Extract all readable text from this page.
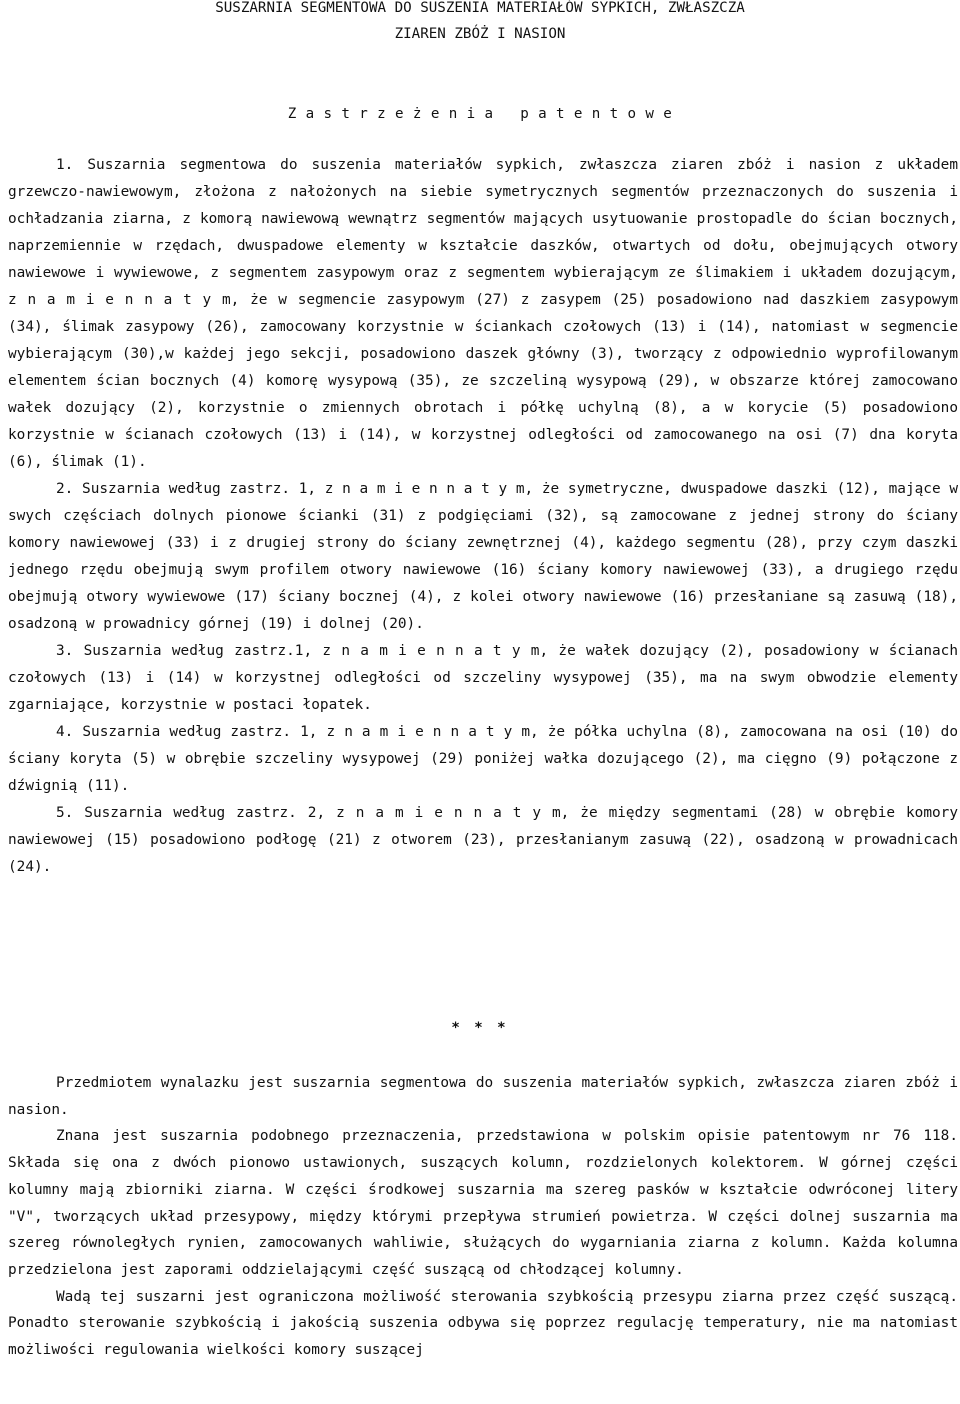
SUSZARNIA SEGMENTOWA DO SUSZENIA MATERIAŁÓW SYPKICH, ZWŁASZCZA
ZIAREN ZBÓŻ I NASION
Z a s t r z e ż e n i a   p a t e n t o w e

1. Suszarnia segmentowa do suszenia materiałów sypkich, zwłaszcza ziaren zbóż i nasion z układem grzewczo-nawiewowym, złożona z nałożonych na siebie symetrycznych segmentów przeznaczonych do suszenia i ochładzania ziarna, z komorą nawiewową wewnątrz segmentów mających usytuowanie prostopadle do ścian bocznych, naprzemiennie w rzędach, dwuspadowe elementy w kształcie daszków, otwartych od dołu, obejmujących otwory nawiewowe i wywiewowe, z segmentem zasypowym oraz z segmentem wybierającym ze ślimakiem i układem dozującym, z n a m i e n n a t y m, że w segmencie zasypowym (27) z zasypem (25) posadowiono nad daszkiem zasypowym (34), ślimak zasypowy (26), zamocowany korzystnie w ściankach czołowych (13) i (14), natomiast w segmencie wybierającym (30),w każdej jego sekcji, posadowiono daszek główny (3), tworzący z odpowiednio wyprofilowanym elementem ścian bocznych (4) komorę wysypową (35), ze szczeliną wysypową (29), w obszarze której zamocowano wałek dozujący (2), korzystnie o zmiennych obrotach i półkę uchylną (8), a w korycie (5) posadowiono korzystnie w ścianach czołowych (13) i (14), w korzystnej odległości od zamocowanego na osi (7) dna koryta (6), ślimak (1).

2. Suszarnia według zastrz. 1, z n a m i e n n a t y m, że symetryczne, dwuspadowe daszki (12), mające w swych częściach dolnych pionowe ścianki (31) z podgięciami (32), są zamocowane z jednej strony do ściany komory nawiewowej (33) i z drugiej strony do ściany zewnętrznej (4), każdego segmentu (28), przy czym daszki jednego rzędu obejmują swym profilem otwory nawiewowe (16) ściany komory nawiewowej (33), a drugiego rzędu obejmują otwory wywiewowe (17) ściany bocznej (4), z kolei otwory nawiewowe (16) przesłaniane są zasuwą (18), osadzoną w prowadnicy górnej (19) i dolnej (20).

3. Suszarnia według zastrz.1, z n a m i e n n a t y m, że wałek dozujący (2), posadowiony w ścianach czołowych (13) i (14) w korzystnej odległości od szczeliny wysypowej (35), ma na swym obwodzie elementy zgarniające, korzystnie w postaci łopatek.

4. Suszarnia według zastrz. 1, z n a m i e n n a t y m, że półka uchylna (8), zamocowana na osi (10) do ściany koryta (5) w obrębie szczeliny wysypowej (29) poniżej wałka dozującego (2), ma cięgno (9) połączone z dźwignią (11).

5. Suszarnia według zastrz. 2, z n a m i e n n a t y m, że między segmentami (28) w obrębie komory nawiewowej (15) posadowiono podłogę (21) z otworem (23), przesłanianym zasuwą (22), osadzoną w prowadnicach (24).

* * *

Przedmiotem wynalazku jest suszarnia segmentowa do suszenia materiałów sypkich, zwłaszcza ziaren zbóż i nasion.

Znana jest suszarnia podobnego przeznaczenia, przedstawiona w polskim opisie patentowym nr 76 118. Składa się ona z dwóch pionowo ustawionych, suszących kolumn, rozdzielonych kolektorem. W górnej części kolumny mają zbiorniki ziarna. W części środkowej suszarnia ma szereg pasków w kształcie odwróconej litery "V", tworzących układ przesypowy, między którymi przepływa strumień powietrza. W części dolnej suszarnia ma szereg równoległych rynien, zamocowanych wahliwie, służących do wygarniania ziarna z kolumn. Każda kolumna przedzielona jest zaporami oddzielającymi część suszącą od chłodzącej kolumny.

Wadą tej suszarni jest ograniczona możliwość sterowania szybkością przesypu ziarna przez część suszącą. Ponadto sterowanie szybkością i jakością suszenia odbywa się poprzez regulację temperatury, nie ma natomiast możliwości regulowania wielkości komory suszącej
